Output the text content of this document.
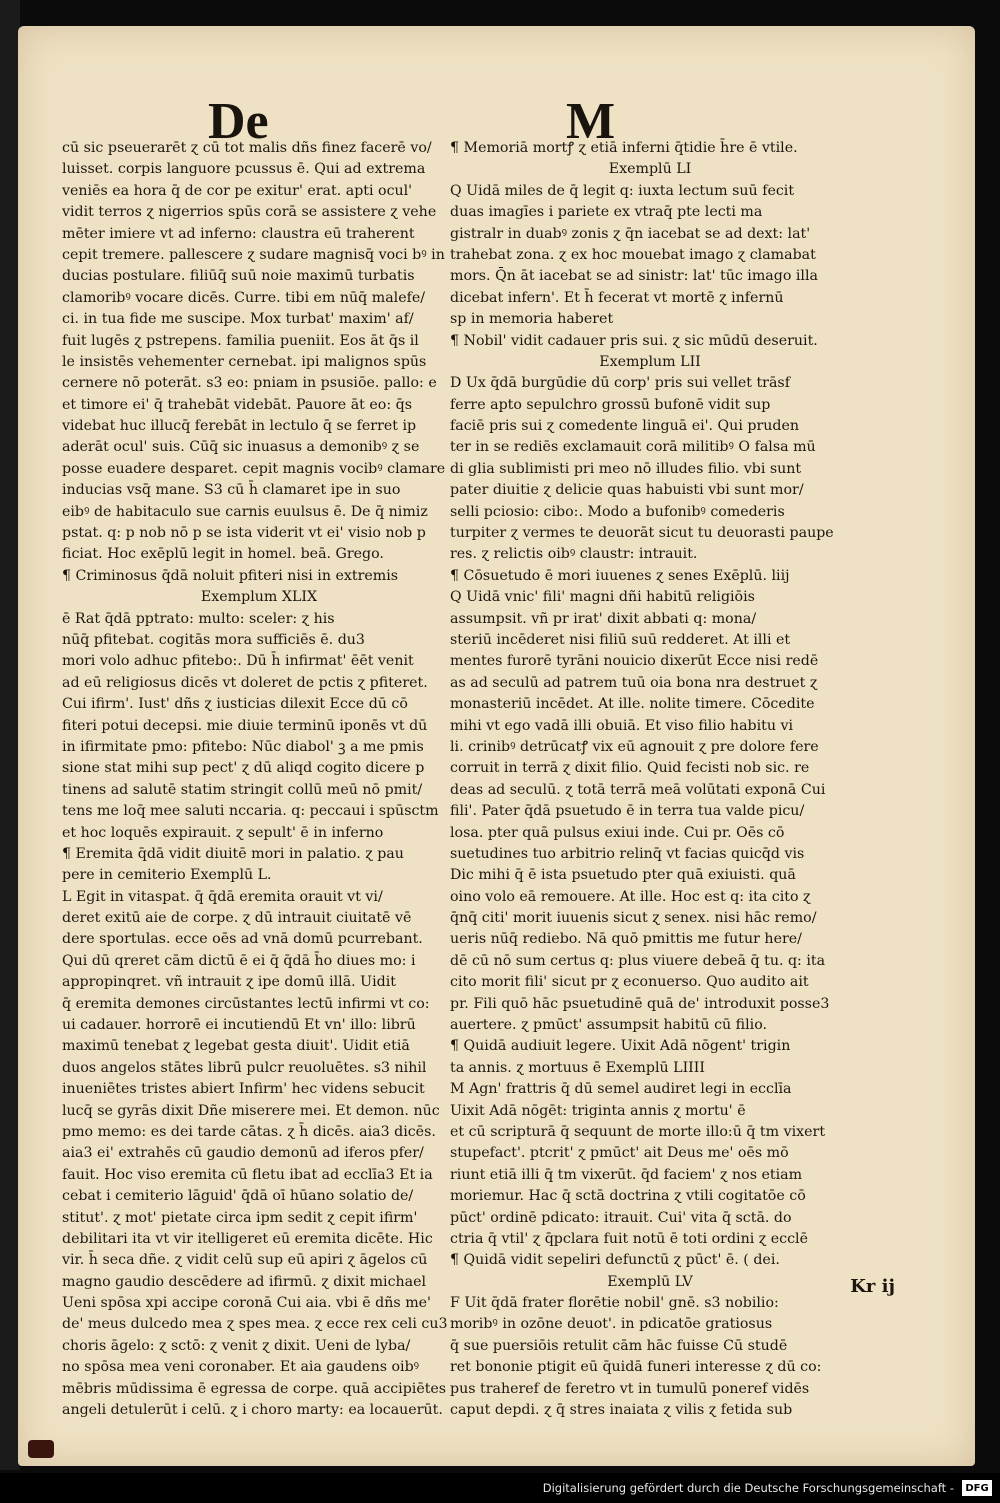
De	M
cū sic pseuerarēt ɀ cū tot malis dñs finez facerē vo/
luisset. corpis languore pcussus ē. Qui ad extrema
veniēs ea hora q̄ de cor pe exitur' erat. apti ocul'
vidit terros ɀ nigerrios spūs corā se assistere ɀ vehe
mēter imiere vt ad inferno: claustra eū traherent
cepit tremere. pallescere ɀ sudare magnisq̄ voci bꝰ in
ducias postulare. filiūq̄ suū noie maximū turbatis
clamoribꝰ vocare dicēs. Curre. tibi em nūq̄ malefe/
ci. in tua fide me suscipe. Mox turbat' maxim' af/
fuit lugēs ɀ pstrepens. familia pueniit. Eos āt q̄s il
le insistēs vehementer cernebat. ipi malignos spūs
cernere nō poterāt. s3 eo: pniam in psusiōe. pallo: e
et timore ei' q̄ trahebāt videbāt. Pauore āt eo: q̄s
videbat huc illucq̄ ferebāt in lectulo q̄ se ferret ip
aderāt ocul' suis. Cūq̄ sic inuasus a demonibꝰ ɀ se
posse euadere desparet. cepit magnis vocibꝰ clamare
inducias vsq̄ mane. S3 cū h̄ clamaret ipe in suo
eibꝰ de habitaculo sue carnis euulsus ē. De q̄ nimiz
pstat. q: p nob nō p se ista viderit vt ei' visio nob p
ficiat. Hoc exēplū legit in homel. beā. Grego.
¶ Criminosus q̄dā noluit pfiteri nisi in extremis
Exemplum XLIX
ē Rat q̄dā pptrato: multo: sceler: ɀ his
nūq̄ pfitebat. cogitās mora sufficiēs ē. du3
mori volo adhuc pfitebo:. Dū h̄ infirmat' ēēt venit
ad eū religiosus dicēs vt doleret de pctis ɀ pfiteret.
Cui ifirm'. Iust' dñs ɀ iusticias dilexit Ecce dū cō
fiteri potui decepsi. mie diuie terminū iponēs vt dū
in ifirmitate pmo: pfitebo: Nūc diabol' ꝫ a me pmis
sione stat mihi sup pect' ɀ dū aliqd cogito dicere p
tinens ad salutē statim stringit collū meū nō pmit/
tens me loq̄ mee saluti nccaria. q: peccaui i spūsctm
et hoc loquēs expirauit. ɀ sepult' ē in inferno
¶ Eremita q̄dā vidit diuitē mori in palatio. ɀ pau
pere in cemiterio Exemplū L.
L Egit in vitaspat. q̄ q̄dā eremita orauit vt vi/
deret exitū aie de corpe. ɀ dū intrauit ciuitatē vē
dere sportulas. ecce oēs ad vnā domū pcurrebant.
Qui dū qreret cām dictū ē ei q̄ q̄dā h̄o diues mo: i
appropinqret. vñ intrauit ɀ ipe domū illā. Uidit
q̄ eremita demones circūstantes lectū infirmi vt co:
ui cadauer. horrorē ei incutiendū Et vn' illo: librū
maximū tenebat ɀ legebat gesta diuit'. Uidit etiā
duos angelos stātes librū pulcr reuoluētes. s3 nihil
inueniētes tristes abiert Infirm' hec videns sebucit
lucq̄ se gyrās dixit Dñe miserere mei. Et demon. nūc
pmo memo: es dei tarde cātas. ɀ h̄ dicēs. aia3 dicēs.
aia3 ei' extrahēs cū gaudio demonū ad iferos pfer/
fauit. Hoc viso eremita cū fletu ibat ad ecclīa3 Et ia
cebat i cemiterio lāguid' q̄dā oī hūano solatio de/
stitut'. ɀ mot' pietate circa ipm sedit ɀ cepit ifirm'
debilitari ita vt vir itelligeret eū eremita dicēte. Hic
vir. h̄ seca dñe. ɀ vidit celū sup eū apiri ɀ āgelos cū
magno gaudio descēdere ad ifirmū. ɀ dixit michael
Ueni spōsa xpi accipe coronā Cui aia. vbi ē dñs me'
de' meus dulcedo mea ɀ spes mea. ɀ ecce rex celi cu3
choris āgelo: ɀ sctō: ɀ venit ɀ dixit. Ueni de lyba/
no spōsa mea veni coronaber. Et aia gaudens oibꝰ
mēbris mūdissima ē egressa de corpe. quā accipiētes
angeli detulerūt i celū. ɀ i choro marty: ea locauerūt.
¶ Memoriā mortꝭ ɀ etiā inferni q̄tidie h̄re ē vtile.
Exemplū LI
Q Uidā miles de q̄ legit q: iuxta lectum suū fecit
duas imagīes i pariete ex vtraq̄ pte lecti ma
gistralr in duabꝰ zonis ɀ q̄n iacebat se ad dext: lat'
trahebat zona. ɀ ex hoc mouebat imago ɀ clamabat
mors. Q̄n āt iacebat se ad sinistr: lat' tūc imago illa
dicebat infern'. Et h̄ fecerat vt mortē ɀ infernū
sp in memoria haberet
¶ Nobil' vidit cadauer pris sui. ɀ sic mūdū deseruit.
Exemplum LII
D Ux q̄dā burgūdie dū corp' pris sui vellet trāsf
ferre apto sepulchro grossū bufonē vidit sup
faciē pris sui ɀ comedente linguā ei'. Qui pruden
ter in se rediēs exclamauit corā militibꝰ O falsa mū
di glia sublimisti pri meo nō illudes filio. vbi sunt
pater diuitie ɀ delicie quas habuisti vbi sunt mor/
selli pciosio: cibo:. Modo a bufonibꝰ comederis
turpiter ɀ vermes te deuorāt sicut tu deuorasti paupe
res. ɀ relictis oibꝰ claustr: intrauit.
¶ Cōsuetudo ē mori iuuenes ɀ senes Exēplū. liij
Q Uidā vnic' fili' magni dñi habitū religiōis
assumpsit. vñ pr irat' dixit abbati q: mona/
steriū incēderet nisi filiū suū redderet. At illi et
mentes furorē tyrāni nouicio dixerūt Ecce nisi redē
as ad seculū ad patrem tuū oia bona nra destruet ɀ
monasteriū incēdet. At ille. nolite timere. Cōcedite
mihi vt ego vadā illi obuiā. Et viso filio habitu vi
li. crinibꝰ detrūcatꝭ vix eū agnouit ɀ pre dolore fere
corruit in terrā ɀ dixit filio. Quid fecisti nob sic. re
deas ad seculū. ɀ totā terrā meā volūtati exponā Cui
fili'. Pater q̄dā psuetudo ē in terra tua valde picu/
losa. pter quā pulsus exiui inde. Cui pr. Oēs cō
suetudines tuo arbitrio relinq̄ vt facias quicq̄d vis
Dic mihi q̄ ē ista psuetudo pter quā exiuisti. quā
oino volo eā remouere. At ille. Hoc est q: ita cito ɀ
q̄nq̄ citi' morit iuuenis sicut ɀ senex. nisi hāc remo/
ueris nūq̄ rediebo. Nā quō pmittis me futur here/
dē cū nō sum certus q: plus viuere debeā q̄ tu. q: ita
cito morit fili' sicut pr ɀ econuerso. Quo audito ait
pr. Fili quō hāc psuetudinē quā de' introduxit posse3
auertere. ɀ pmūct' assumpsit habitū cū filio.
¶ Quidā audiuit legere. Uixit Adā nōgent' trigin
ta annis. ɀ mortuus ē Exemplū LIIII
M Agn' frattris q̄ dū semel audiret legi in ecclīa
Uixit Adā nōgēt: triginta annis ɀ mortu' ē
et cū scripturā q̄ sequunt de morte illo:ū q̄ tm vixert
stupefact'. ptcrit' ɀ pmūct' ait Deus me' oēs mō
riunt etiā illi q̄ tm vixerūt. q̄d faciem' ɀ nos etiam
moriemur. Hac q̄ sctā doctrina ɀ vtili cogitatōe cō
pūct' ordinē pdicato: itrauit. Cui' vita q̄ sctā. do
ctria q̄ vtil' ɀ q̄pclara fuit notū ē toti ordini ɀ ecclē
¶ Quidā vidit sepeliri defunctū ɀ pūct' ē. ( dei.
Exemplū LV
F Uit q̄dā frater florētie nobil' gnē. s3 nobilio:
moribꝰ in ozōne deuot'. in pdicatōe gratiosus
q̄ sue puersiōis retulit cām hāc fuisse Cū studē
ret bononie ptigit eū q̄uidā funeri interesse ɀ dū co:
pus traheref de feretro vt in tumulū poneref vidēs
caput depdi. ɀ q̄ stres inaiata ɀ vilis ɀ fetida sub
Kr ij
Digitalisierung gefördert durch die Deutsche Forschungsgemeinschaft -	DFG
